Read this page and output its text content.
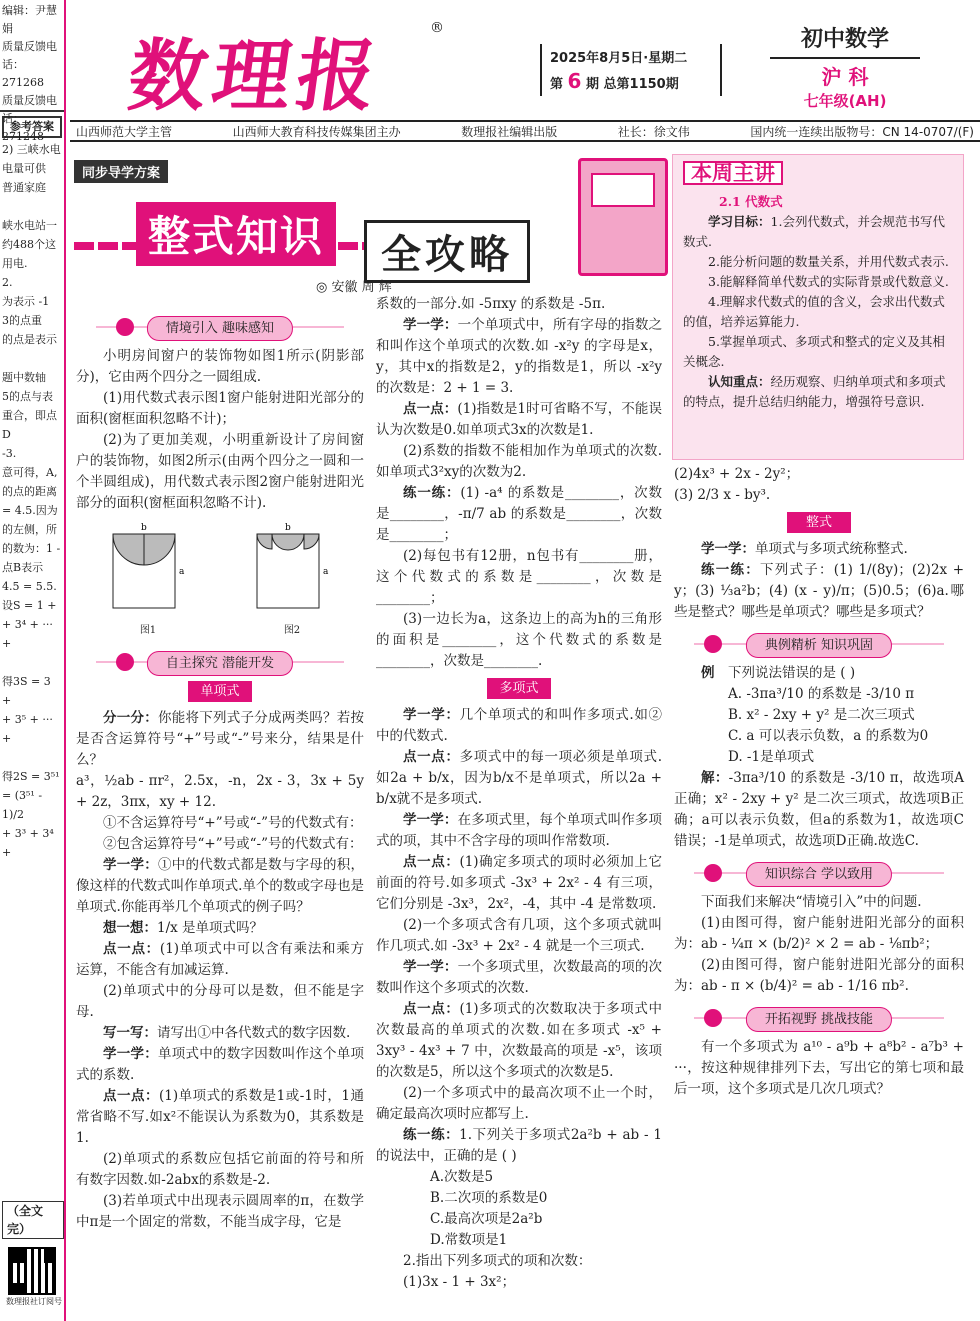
编辑：尹慧娟
质量反馈电话：
271268
质量反馈电话：
271248
参考答案
2) 三峡水电
电量可供
普通家庭

峡水电站一
约488个这
用电.
2.
为表示 -1
3的点重
的点是表示

题中数轴
5的点与表
重合，即点D
-3.
意可得，A,
的点的距离
= 4.5.因为
的左侧，所
的数为：1 -
点B表示
4.5 = 5.5.
设S = 1 +
+ 3⁴ + ··· +

得3S = 3 +
+ 3⁵ + ··· +

得2S = 3⁵¹
= (3⁵¹ - 1)/2
+ 3³ + 3⁴ +
（全文完）
数理报社订阅号
数理报
®
2025年8月5日·星期二
第 6 期 总第1150期
初中数学
沪 科
七年级(AH)
山西师范大学主管	山西师大教育科技传媒集团主办	数理报社编辑出版	社长：徐文伟	国内统一连续出版物号：CN 14-0707/(F)
同步导学方案
整式知识	全攻略
◎ 安徽 周 辉
情境引入 趣味感知

小明房间窗户的装饰物如图1所示(阴影部分)，它由两个四分之一圆组成.

(1)用代数式表示图1窗户能射进阳光部分的面积(窗框面积忽略不计)；

(2)为了更加美观，小明重新设计了房间窗户的装饰物，如图2所示(由两个四分之一圆和一个半圆组成)，用代数式表示图2窗户能射进阳光部分的面积(窗框面积忽略不计).

b
a
图1
b
a
图2
自主探究 潜能开发
单项式

分一分：你能将下列式子分成两类吗？若按是否含运算符号“+”号或“-”号来分，结果是什么？

a³，½ab - πr²，2.5x，-n，2x - 3，3x + 5y + 2z，3πx，xy + 12.

①不含运算符号“+”号或“-”号的代数式有：

②包含运算符号“+”号或“-”号的代数式有：

学一学：①中的代数式都是数与字母的积，像这样的代数式叫作单项式.单个的数或字母也是单项式.你能再举几个单项式的例子吗？

想一想：1/x 是单项式吗？

点一点：(1)单项式中可以含有乘法和乘方运算，不能含有加减运算.

(2)单项式中的分母可以是数，但不能是字母.

写一写：请写出①中各代数式的数字因数.

学一学：单项式中的数字因数叫作这个单项式的系数.

点一点：(1)单项式的系数是1或-1时，1通常省略不写.如x²不能误认为系数为0，其系数是1.

(2)单项式的系数应包括它前面的符号和所有数字因数.如-2abx的系数是-2.

(3)若单项式中出现表示圆周率的π，在数学中π是一个固定的常数，不能当成字母，它是

系数的一部分.如 -5πxy 的系数是 -5π.

学一学：一个单项式中，所有字母的指数之和叫作这个单项式的次数.如 -x²y 的字母是x，y，其中x的指数是2，y的指数是1，所以 -x²y 的次数是：2 + 1 = 3.

点一点：(1)指数是1时可省略不写，不能误认为次数是0.如单项式3x的次数是1.

(2)系数的指数不能相加作为单项式的次数.如单项式3²xy的次数为2.

练一练：(1) -a⁴ 的系数是________，次数是________，-π/7 ab 的系数是________，次数是________；

(2)每包书有12册，n包书有________册，这个代数式的系数是________，次数是________；

(3)一边长为a，这条边上的高为h的三角形的面积是________，这个代数式的系数是________，次数是________.

多项式

学一学：几个单项式的和叫作多项式.如②中的代数式.

点一点：多项式中的每一项必须是单项式.如2a + b/x，因为b/x不是单项式，所以2a + b/x就不是多项式.

学一学：在多项式里，每个单项式叫作多项式的项，其中不含字母的项叫作常数项.

点一点：(1)确定多项式的项时必须加上它前面的符号.如多项式 -3x³ + 2x² - 4 有三项，它们分别是 -3x³，2x²，-4，其中 -4 是常数项.

(2)一个多项式含有几项，这个多项式就叫作几项式.如 -3x³ + 2x² - 4 就是一个三项式.

学一学：一个多项式里，次数最高的项的次数叫作这个多项式的次数.

点一点：(1)多项式的次数取决于多项式中次数最高的单项式的次数.如在多项式 -x⁵ + 3xy³ - 4x³ + 7 中，次数最高的项是 -x⁵，该项的次数是5，所以这个多项式的次数是5.

(2)一个多项式中的最高次项不止一个时，确定最高次项时应都写上.

练一练：1.下列关于多项式2a²b + ab - 1的说法中，正确的是 ( )

A.次数是5

B.二次项的系数是0

C.最高次项是2a²b

D.常数项是1

2.指出下列多项式的项和次数：

(1)3x - 1 + 3x²；

本周主讲
2.1 代数式

学习目标：1.会列代数式，并会规范书写代数式.

2.能分析问题的数量关系，并用代数式表示.

3.能解释简单代数式的实际背景或代数意义.

4.理解求代数式的值的含义，会求出代数式的值，培养运算能力.

5.掌握单项式、多项式和整式的定义及其相关概念.

认知重点：经历观察、归纳单项式和多项式的特点，提升总结归纳能力，增强符号意识.

(2)4x³ + 2x - 2y²；

(3) 2/3 x - by³.

整式

学一学：单项式与多项式统称整式.

练一练：下列式子：(1) 1/(8y)；(2)2x + y；(3) ⅓a²b；(4) (x - y)/π；(5)0.5；(6)a.哪些是整式？哪些是单项式？哪些是多项式？

典例精析 知识巩固

例　 下列说法错误的是 ( )

A. -3πa³/10 的系数是 -3/10 π

B. x² - 2xy + y² 是二次三项式

C. a 可以表示负数，a 的系数为0

D. -1是单项式

解：-3πa³/10 的系数是 -3/10 π，故选项A正确；x² - 2xy + y² 是二次三项式，故选项B正确；a可以表示负数，但a的系数为1，故选项C错误；-1是单项式，故选项D正确.故选C.

知识综合 学以致用

下面我们来解决“情境引入”中的问题.

(1)由图可得，窗户能射进阳光部分的面积为：ab - ¼π × (b/2)² × 2 = ab - ⅛πb²；

(2)由图可得，窗户能射进阳光部分的面积为：ab - π × (b/4)² = ab - 1/16 πb².

开拓视野 挑战技能

有一个多项式为 a¹⁰ - a⁹b + a⁸b² - a⁷b³ + ···，按这种规律排列下去，写出它的第七项和最后一项，这个多项式是几次几项式？
